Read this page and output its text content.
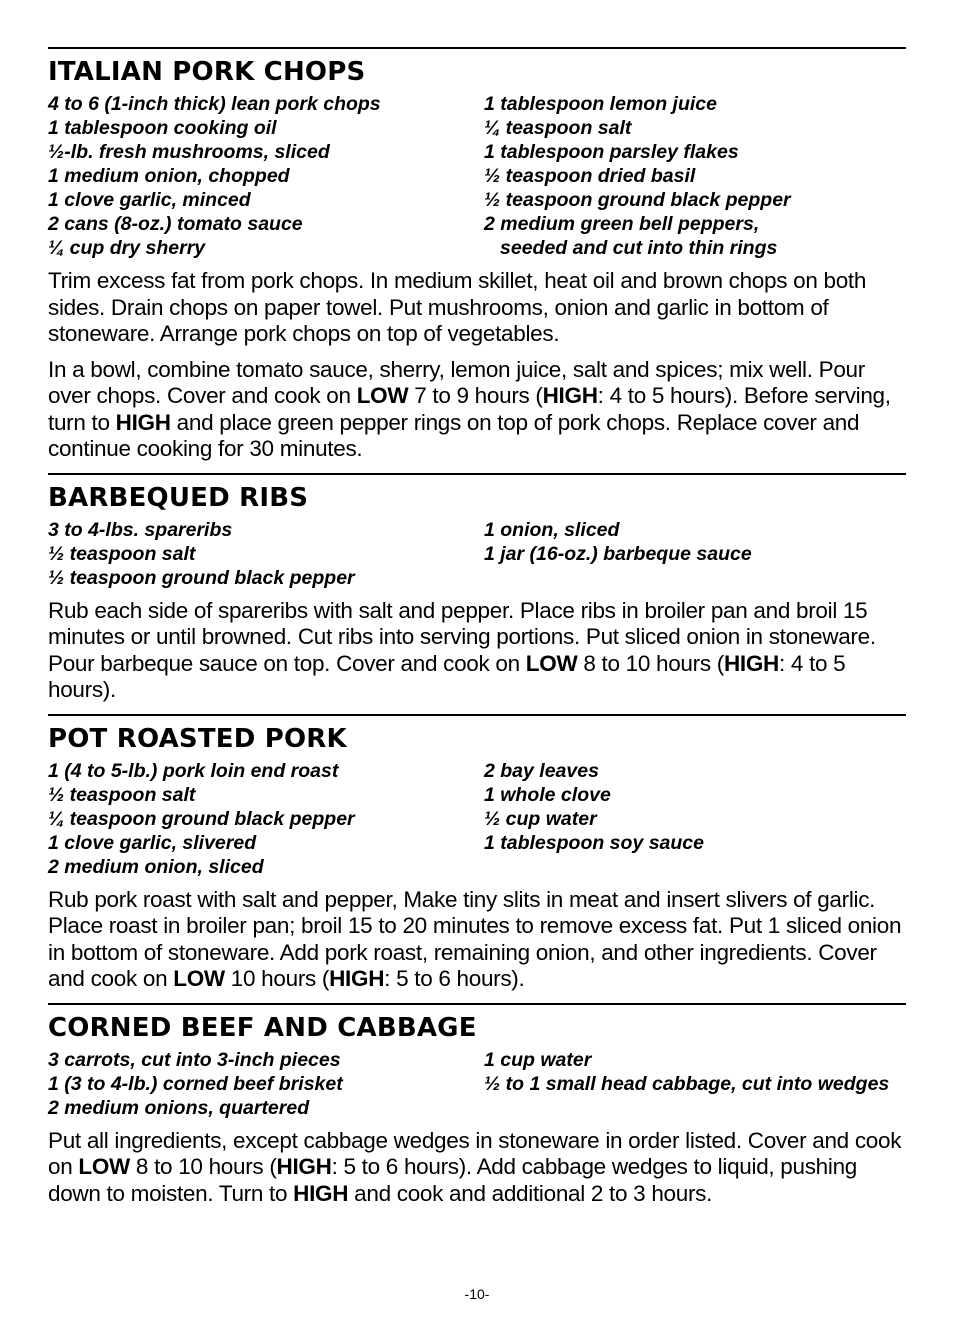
ITALIAN PORK CHOPS
4 to 6 (1-inch thick) lean pork chops
1 tablespoon cooking oil
½-lb. fresh mushrooms, sliced
1 medium onion, chopped
1 clove garlic, minced
2 cans (8-oz.) tomato sauce
¼ cup dry sherry
1 tablespoon lemon juice
¼ teaspoon salt
1 tablespoon parsley flakes
½ teaspoon dried basil
½ teaspoon ground black pepper
2 medium green bell peppers,
seeded and cut into thin rings

Trim excess fat from pork chops. In medium skillet, heat oil and brown chops on both sides. Drain chops on paper towel. Put mushrooms, onion and garlic in bottom of stoneware. Arrange pork chops on top of vegetables.

In a bowl, combine tomato sauce, sherry, lemon juice, salt and spices; mix well. Pour over chops. Cover and cook on LOW 7 to 9 hours (HIGH: 4 to 5 hours). Before serving, turn to HIGH and place green pepper rings on top of pork chops. Replace cover and continue cooking for 30 minutes.

BARBEQUED RIBS
3 to 4-lbs. spareribs
½ teaspoon salt
½ teaspoon ground black pepper
1 onion, sliced
1 jar (16-oz.) barbeque sauce

Rub each side of spareribs with salt and pepper. Place ribs in broiler pan and broil 15 minutes or until browned. Cut ribs into serving portions. Put sliced onion in stoneware. Pour barbeque sauce on top. Cover and cook on LOW 8 to 10 hours (HIGH: 4 to 5 hours).

POT ROASTED PORK
1 (4 to 5-lb.) pork loin end roast
½ teaspoon salt
¼ teaspoon ground black pepper
1 clove garlic, slivered
2 medium onion, sliced
2 bay leaves
1 whole clove
½ cup water
1 tablespoon soy sauce

Rub pork roast with salt and pepper, Make tiny slits in meat and insert slivers of garlic. Place roast in broiler pan; broil 15 to 20 minutes to remove excess fat. Put 1 sliced onion in bottom of stoneware. Add pork roast, remaining onion, and other ingredients. Cover and cook on LOW 10 hours (HIGH: 5 to 6 hours).

CORNED BEEF AND CABBAGE
3 carrots, cut into 3-inch pieces
1 (3 to 4-lb.) corned beef brisket
2 medium onions, quartered
1 cup water
½ to 1 small head cabbage, cut into wedges

Put all ingredients, except cabbage wedges in stoneware in order listed. Cover and cook on LOW 8 to 10 hours (HIGH: 5 to 6 hours). Add cabbage wedges to liquid, pushing down to moisten. Turn to HIGH and cook and additional 2 to 3 hours.

-10-
